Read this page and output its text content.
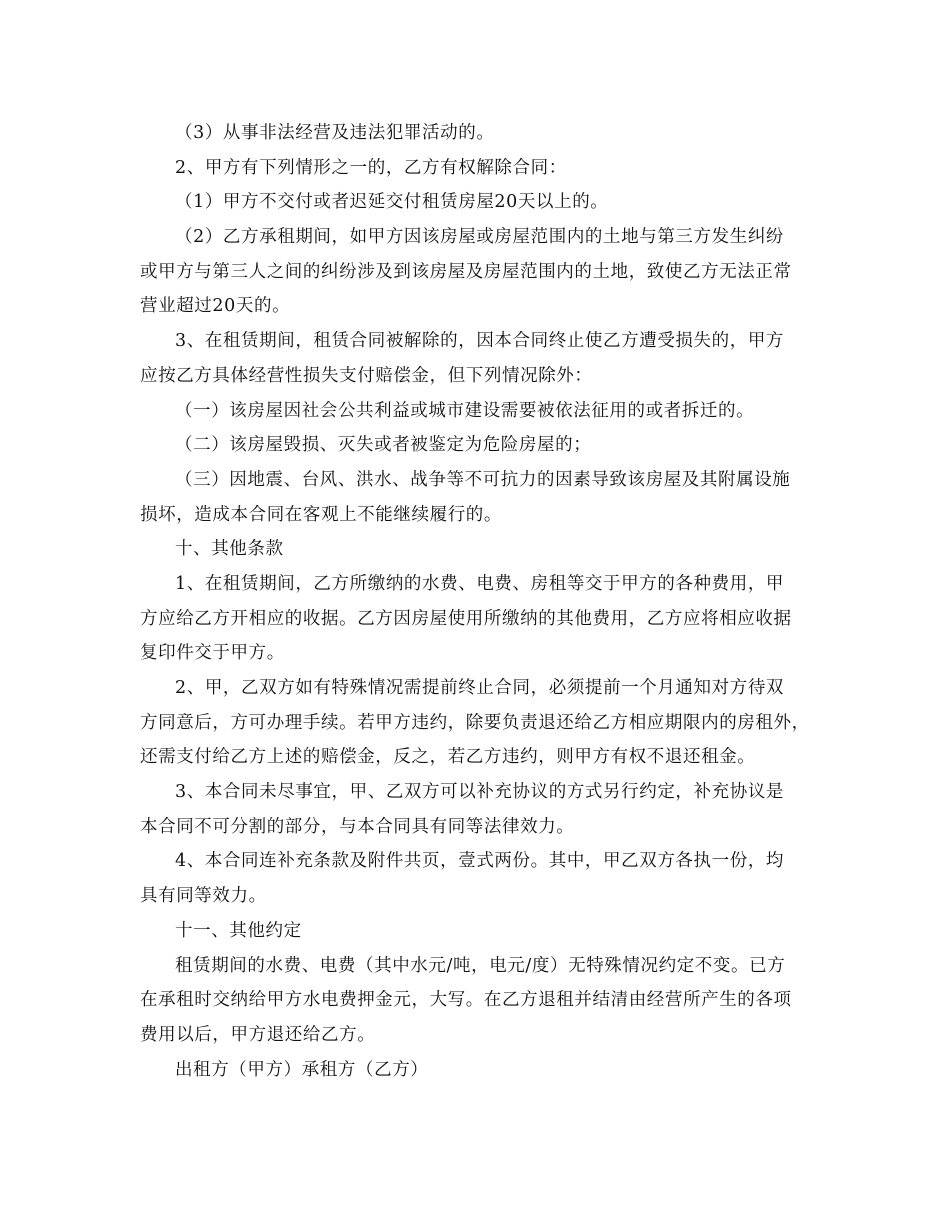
（3）从事非法经营及违法犯罪活动的。
2、甲方有下列情形之一的，乙方有权解除合同：
（1）甲方不交付或者迟延交付租赁房屋20天以上的。
（2）乙方承租期间，如甲方因该房屋或房屋范围内的土地与第三方发生纠纷
或甲方与第三人之间的纠纷涉及到该房屋及房屋范围内的土地，致使乙方无法正常
营业超过20天的。
3、在租赁期间，租赁合同被解除的，因本合同终止使乙方遭受损失的，甲方
应按乙方具体经营性损失支付赔偿金，但下列情况除外：
（一）该房屋因社会公共利益或城市建设需要被依法征用的或者拆迁的。
（二）该房屋毁损、灭失或者被鉴定为危险房屋的；
（三）因地震、台风、洪水、战争等不可抗力的因素导致该房屋及其附属设施
损坏，造成本合同在客观上不能继续履行的。
十、其他条款
1、在租赁期间，乙方所缴纳的水费、电费、房租等交于甲方的各种费用，甲
方应给乙方开相应的收据。乙方因房屋使用所缴纳的其他费用，乙方应将相应收据
复印件交于甲方。
2、甲，乙双方如有特殊情况需提前终止合同，必须提前一个月通知对方待双
方同意后，方可办理手续。若甲方违约，除要负责退还给乙方相应期限内的房租外，
还需支付给乙方上述的赔偿金，反之，若乙方违约，则甲方有权不退还租金。
3、本合同未尽事宜，甲、乙双方可以补充协议的方式另行约定，补充协议是
本合同不可分割的部分，与本合同具有同等法律效力。
4、本合同连补充条款及附件共页，壹式两份。其中，甲乙双方各执一份，均
具有同等效力。
十一、其他约定
租赁期间的水费、电费（其中水元/吨，电元/度）无特殊情况约定不变。已方
在承租时交纳给甲方水电费押金元，大写。在乙方退租并结清由经营所产生的各项
费用以后，甲方退还给乙方。
出租方（甲方）承租方（乙方）
